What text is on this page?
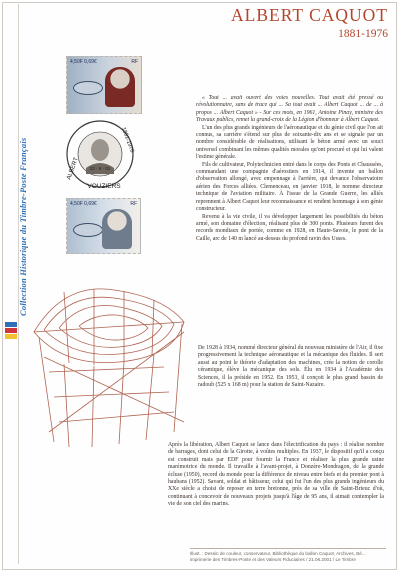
Collection Historique du Timbre-Poste Français
ALBERT CAQUOT
1881-1976
4,50F 0,69€	RF
ALBERT
1881-1976
22 · 6 · 01
VOUZIERS
4,50F 0,69€	RF

« Tout ... avait ouvert des voies nouvelles. Tout avait été pressé ou révolutionnaire, sans de trace qui ... Sa tout avait ... Albert Caquot ... de ... à propos ... Albert Caquot » - Sur ces mots, en 1961, Antoine Pinay, ministre des Travaux publics, remet la grand-croix de la Légion d'honneur à Albert Caquot.

L'un des plus grands ingénieurs de l'aéronautique et du génie civil que l'on ait connus, sa carrière s'étend sur plus de soixante-dix ans et se signale par un nombre considérable de réalisations, utilisant le béton armé avec un souci universel combinant les mêmes qualités morales qu'ont procuré et qui lui valent l'estime générale.

Fils de cultivateur, Polytechnicien entré dans le corps des Ponts et Chaussées, commandant une compagnie d'aérostiers en 1914, il invente un ballon d'observation allongé, avec empennage à l'arrière, qui devance l'observatoire aérien des Forces alliées. Clemenceau, en janvier 1918, le nomme directeur technique de l'aviation militaire. À l'issue de la Grande Guerre, les alliés reprennent à Albert Caquot leur reconnaissance et rendent hommage à son génie constructeur.

Revenu à la vie civile, il va développer largement les possibilités du béton armé, son domaine d'élection, réalisant plus de 300 ponts. Plusieurs furent des records mondiaux de portée, comme en 1928, en Haute-Savoie, le pont de la Caille, arc de 140 m lancé au-dessus du profond ravin des Usses.

De 1928 à 1934, nommé directeur général du nouveau ministère de l'Air, il fixe progressivement la technique aéronautique et la mécanique des fluides. Il sert aussi au point le théorie d'adaptation des machines, crée la notion de corolle céramique, élève la mécanique des sols. Élu en 1934 à l'Académie des Sciences, il la préside en 1952. En 1953, il conçoit le plus grand bassin de radoub (525 x 168 m) pour la station de Saint-Nazaire.

Après la libération, Albert Caquot se lance dans l'électrification du pays : il réalise nombre de barrages, dont celui de la Girotte, à voûtes multiples. En 1937, le dispositif qu'il a conçu est construit mais par EDF pour fournir la France et réaliser la plus grande usine marémotrice du monde. Il travaille à l'avant-projet, à Donzère-Mondragon, de la grande écluse (1950), record du monde pour la différence de niveau entre biefs et du premier pont à haubans (1952). Savant, soldat et bâtisseur, celui qui fut l'un des plus grands ingénieurs du XXe siècle a choisi de reposer en terre bretonne, près de sa ville de Saint-Brieuc d'où, continuant à concevoir de nouveaux projets jusqu'à l'âge de 95 ans, il aimait contempler la vie de son ciel des marins.

Illust. : Dessin de couleur, conservateur, Bibliothèque du ballon Caquot, Archives, Bé...
imprimerie des Timbres-Poste et des Valeurs Fiduciaires / 21.06.2001 / Le Timbre
